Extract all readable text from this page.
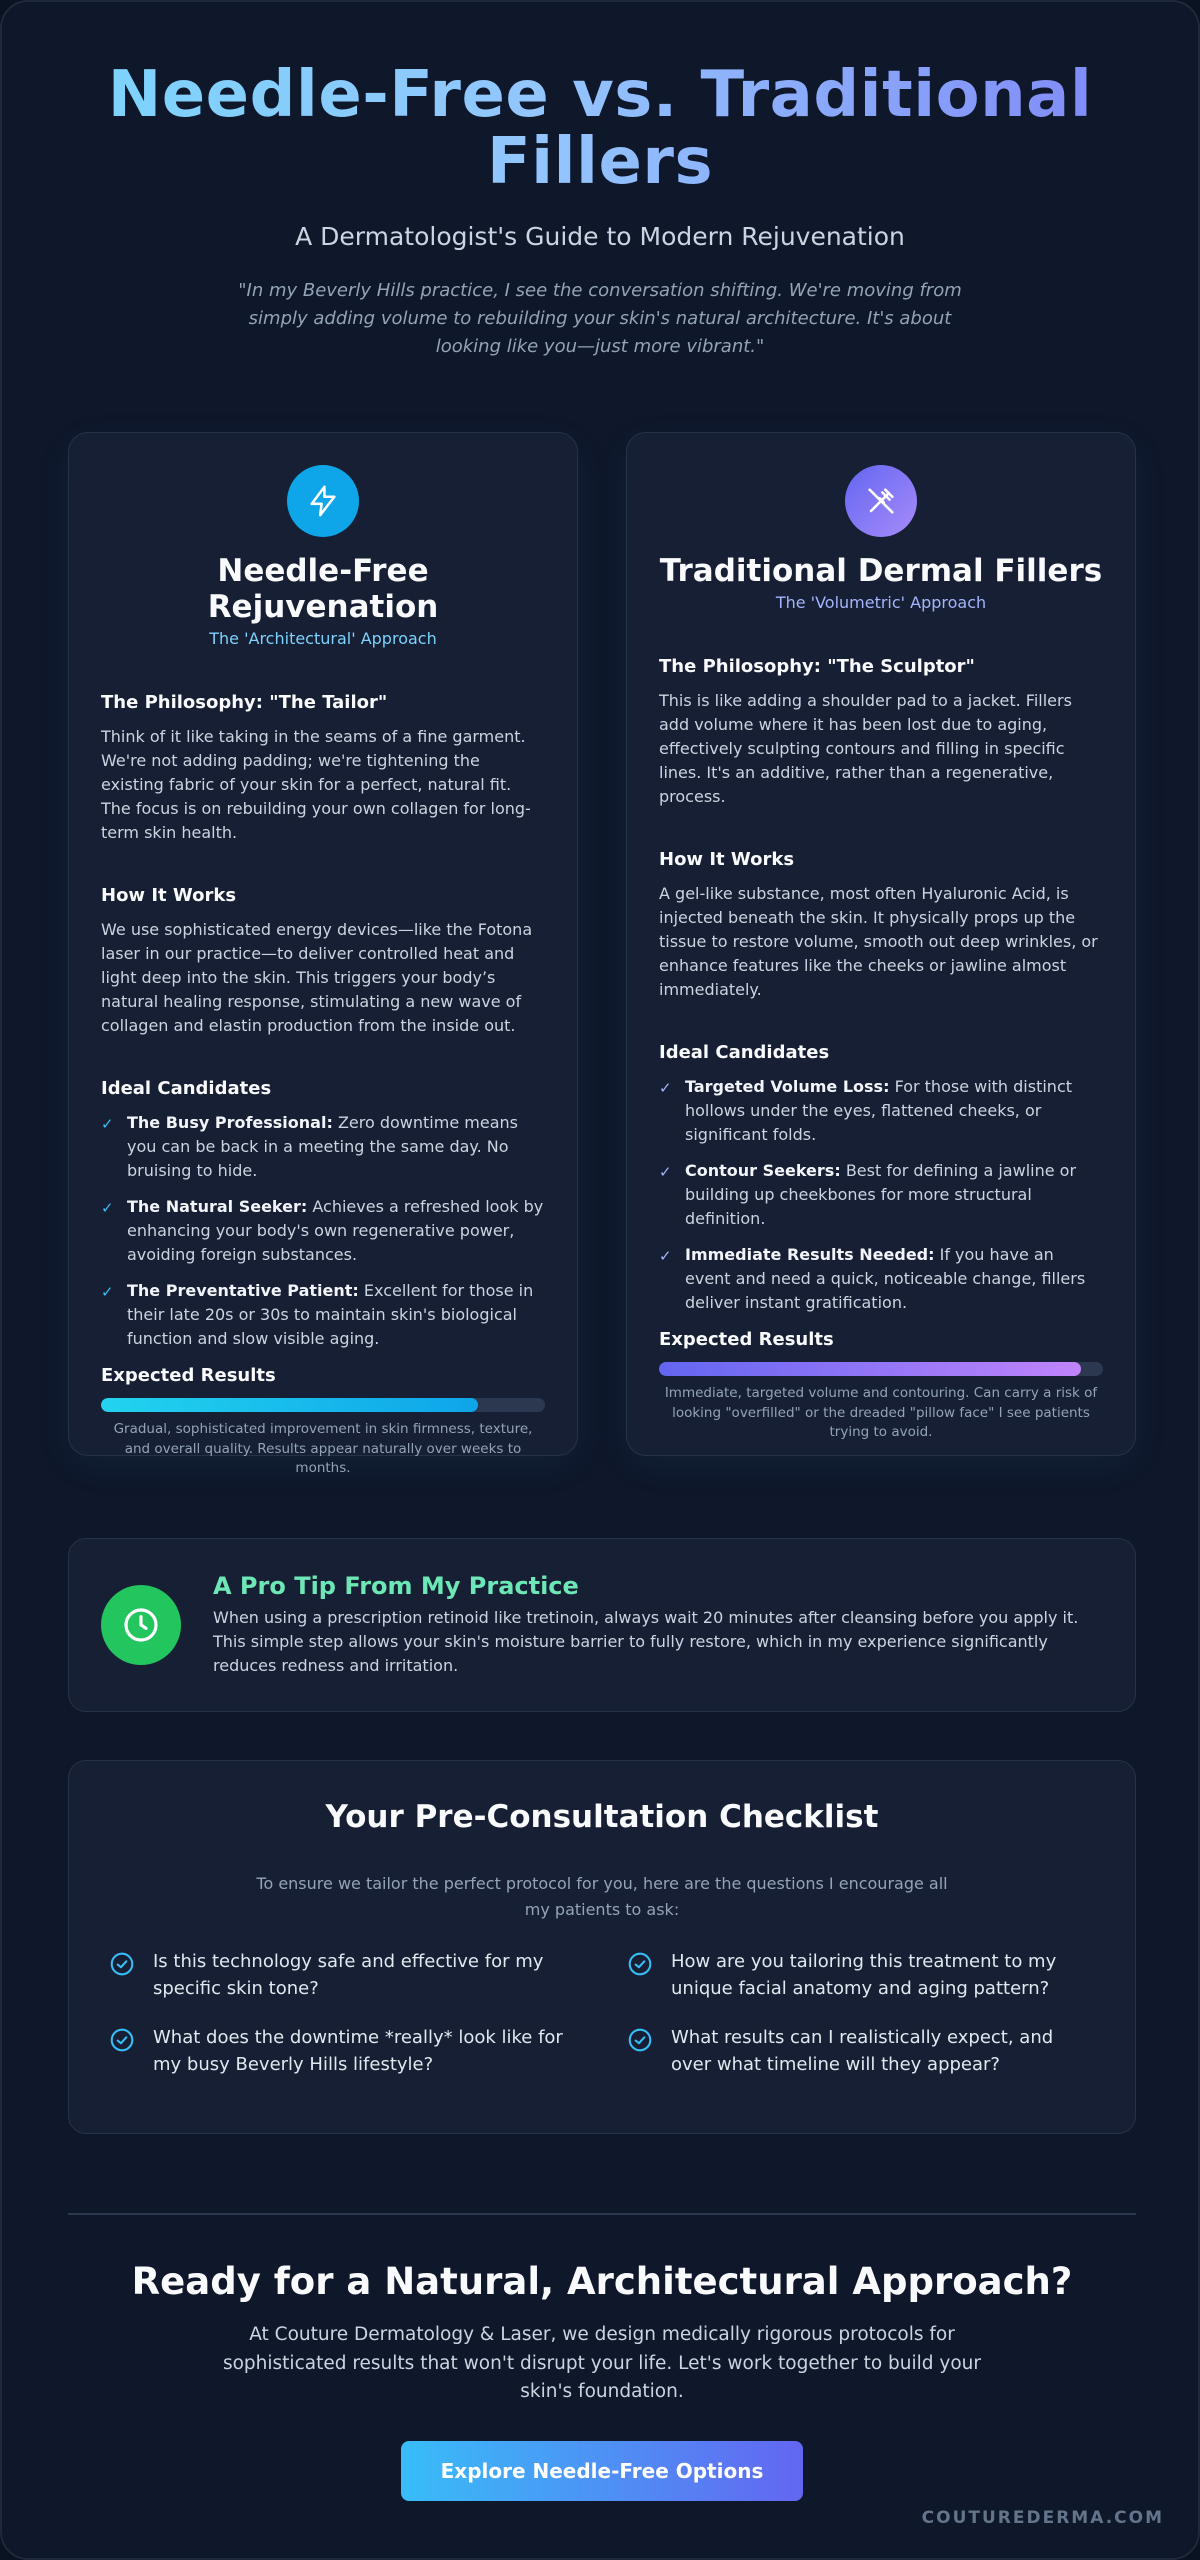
Needle-Free vs. Traditional Fillers
A Dermatologist's Guide to Modern Rejuvenation

"In my Beverly Hills practice, I see the conversation shifting. We're moving from simply adding volume to rebuilding your skin's natural architecture. It's about looking like you—just more vibrant."

Needle-Free Rejuvenation
The 'Architectural' Approach
The Philosophy: "The Tailor"

Think of it like taking in the seams of a fine garment. We're not adding padding; we're tightening the existing fabric of your skin for a perfect, natural fit. The focus is on rebuilding your own collagen for long-term skin health.

How It Works

We use sophisticated energy devices—like the Fotona laser in our practice—to deliver controlled heat and light deep into the skin. This triggers your body’s natural healing response, stimulating a new wave of collagen and elastin production from the inside out.

Ideal Candidates
✓ The Busy Professional: Zero downtime means you can be back in a meeting the same day. No bruising to hide.
✓ The Natural Seeker: Achieves a refreshed look by enhancing your body's own regenerative power, avoiding foreign substances.
✓ The Preventative Patient: Excellent for those in their late 20s or 30s to maintain skin's biological function and slow visible aging.
Expected Results

Gradual, sophisticated improvement in skin firmness, texture, and overall quality. Results appear naturally over weeks to months.

Traditional Dermal Fillers
The 'Volumetric' Approach
The Philosophy: "The Sculptor"

This is like adding a shoulder pad to a jacket. Fillers add volume where it has been lost due to aging, effectively sculpting contours and filling in specific lines. It's an additive, rather than a regenerative, process.

How It Works

A gel-like substance, most often Hyaluronic Acid, is injected beneath the skin. It physically props up the tissue to restore volume, smooth out deep wrinkles, or enhance features like the cheeks or jawline almost immediately.

Ideal Candidates
✓ Targeted Volume Loss: For those with distinct hollows under the eyes, flattened cheeks, or significant folds.
✓ Contour Seekers: Best for defining a jawline or building up cheekbones for more structural definition.
✓ Immediate Results Needed: If you have an event and need a quick, noticeable change, fillers deliver instant gratification.
Expected Results

Immediate, targeted volume and contouring. Can carry a risk of looking "overfilled" or the dreaded "pillow face" I see patients trying to avoid.

A Pro Tip From My Practice

When using a prescription retinoid like tretinoin, always wait 20 minutes after cleansing before you apply it. This simple step allows your skin's moisture barrier to fully restore, which in my experience significantly reduces redness and irritation.

Your Pre-Consultation Checklist

To ensure we tailor the perfect protocol for you, here are the questions I encourage all my patients to ask:

Is this technology safe and effective for my specific skin tone?
How are you tailoring this treatment to my unique facial anatomy and aging pattern?
What does the downtime *really* look like for my busy Beverly Hills lifestyle?
What results can I realistically expect, and over what timeline will they appear?
Ready for a Natural, Architectural Approach?

At Couture Dermatology & Laser, we design medically rigorous protocols for sophisticated results that won't disrupt your life. Let's work together to build your skin's foundation.

Explore Needle-Free Options
COUTUREDERMA.COM
